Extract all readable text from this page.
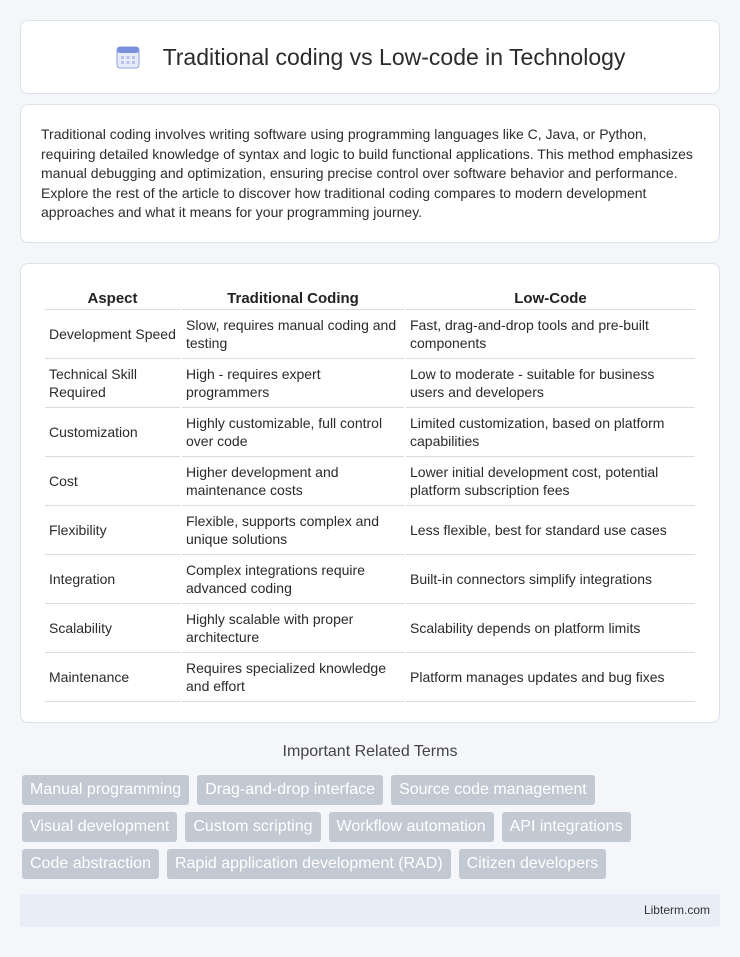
Traditional coding vs Low-code in Technology

Traditional coding involves writing software using programming languages like C, Java, or Python, requiring detailed knowledge of syntax and logic to build functional applications. This method emphasizes manual debugging and optimization, ensuring precise control over software behavior and performance. Explore the rest of the article to discover how traditional coding compares to modern development approaches and what it means for your programming journey.

Aspect	Traditional Coding	Low-Code
Development Speed	Slow, requires manual coding and testing	Fast, drag-and-drop tools and pre-built components
Technical Skill Required	High - requires expert programmers	Low to moderate - suitable for business users and developers
Customization	Highly customizable, full control over code	Limited customization, based on platform capabilities
Cost	Higher development and maintenance costs	Lower initial development cost, potential platform subscription fees
Flexibility	Flexible, supports complex and unique solutions	Less flexible, best for standard use cases
Integration	Complex integrations require advanced coding	Built-in connectors simplify integrations
Scalability	Highly scalable with proper architecture	Scalability depends on platform limits
Maintenance	Requires specialized knowledge and effort	Platform manages updates and bug fixes
Important Related Terms
Manual programming	Drag-and-drop interface	Source code management
Visual development	Custom scripting	Workflow automation	API integrations
Code abstraction	Rapid application development (RAD)	Citizen developers
Libterm.com
